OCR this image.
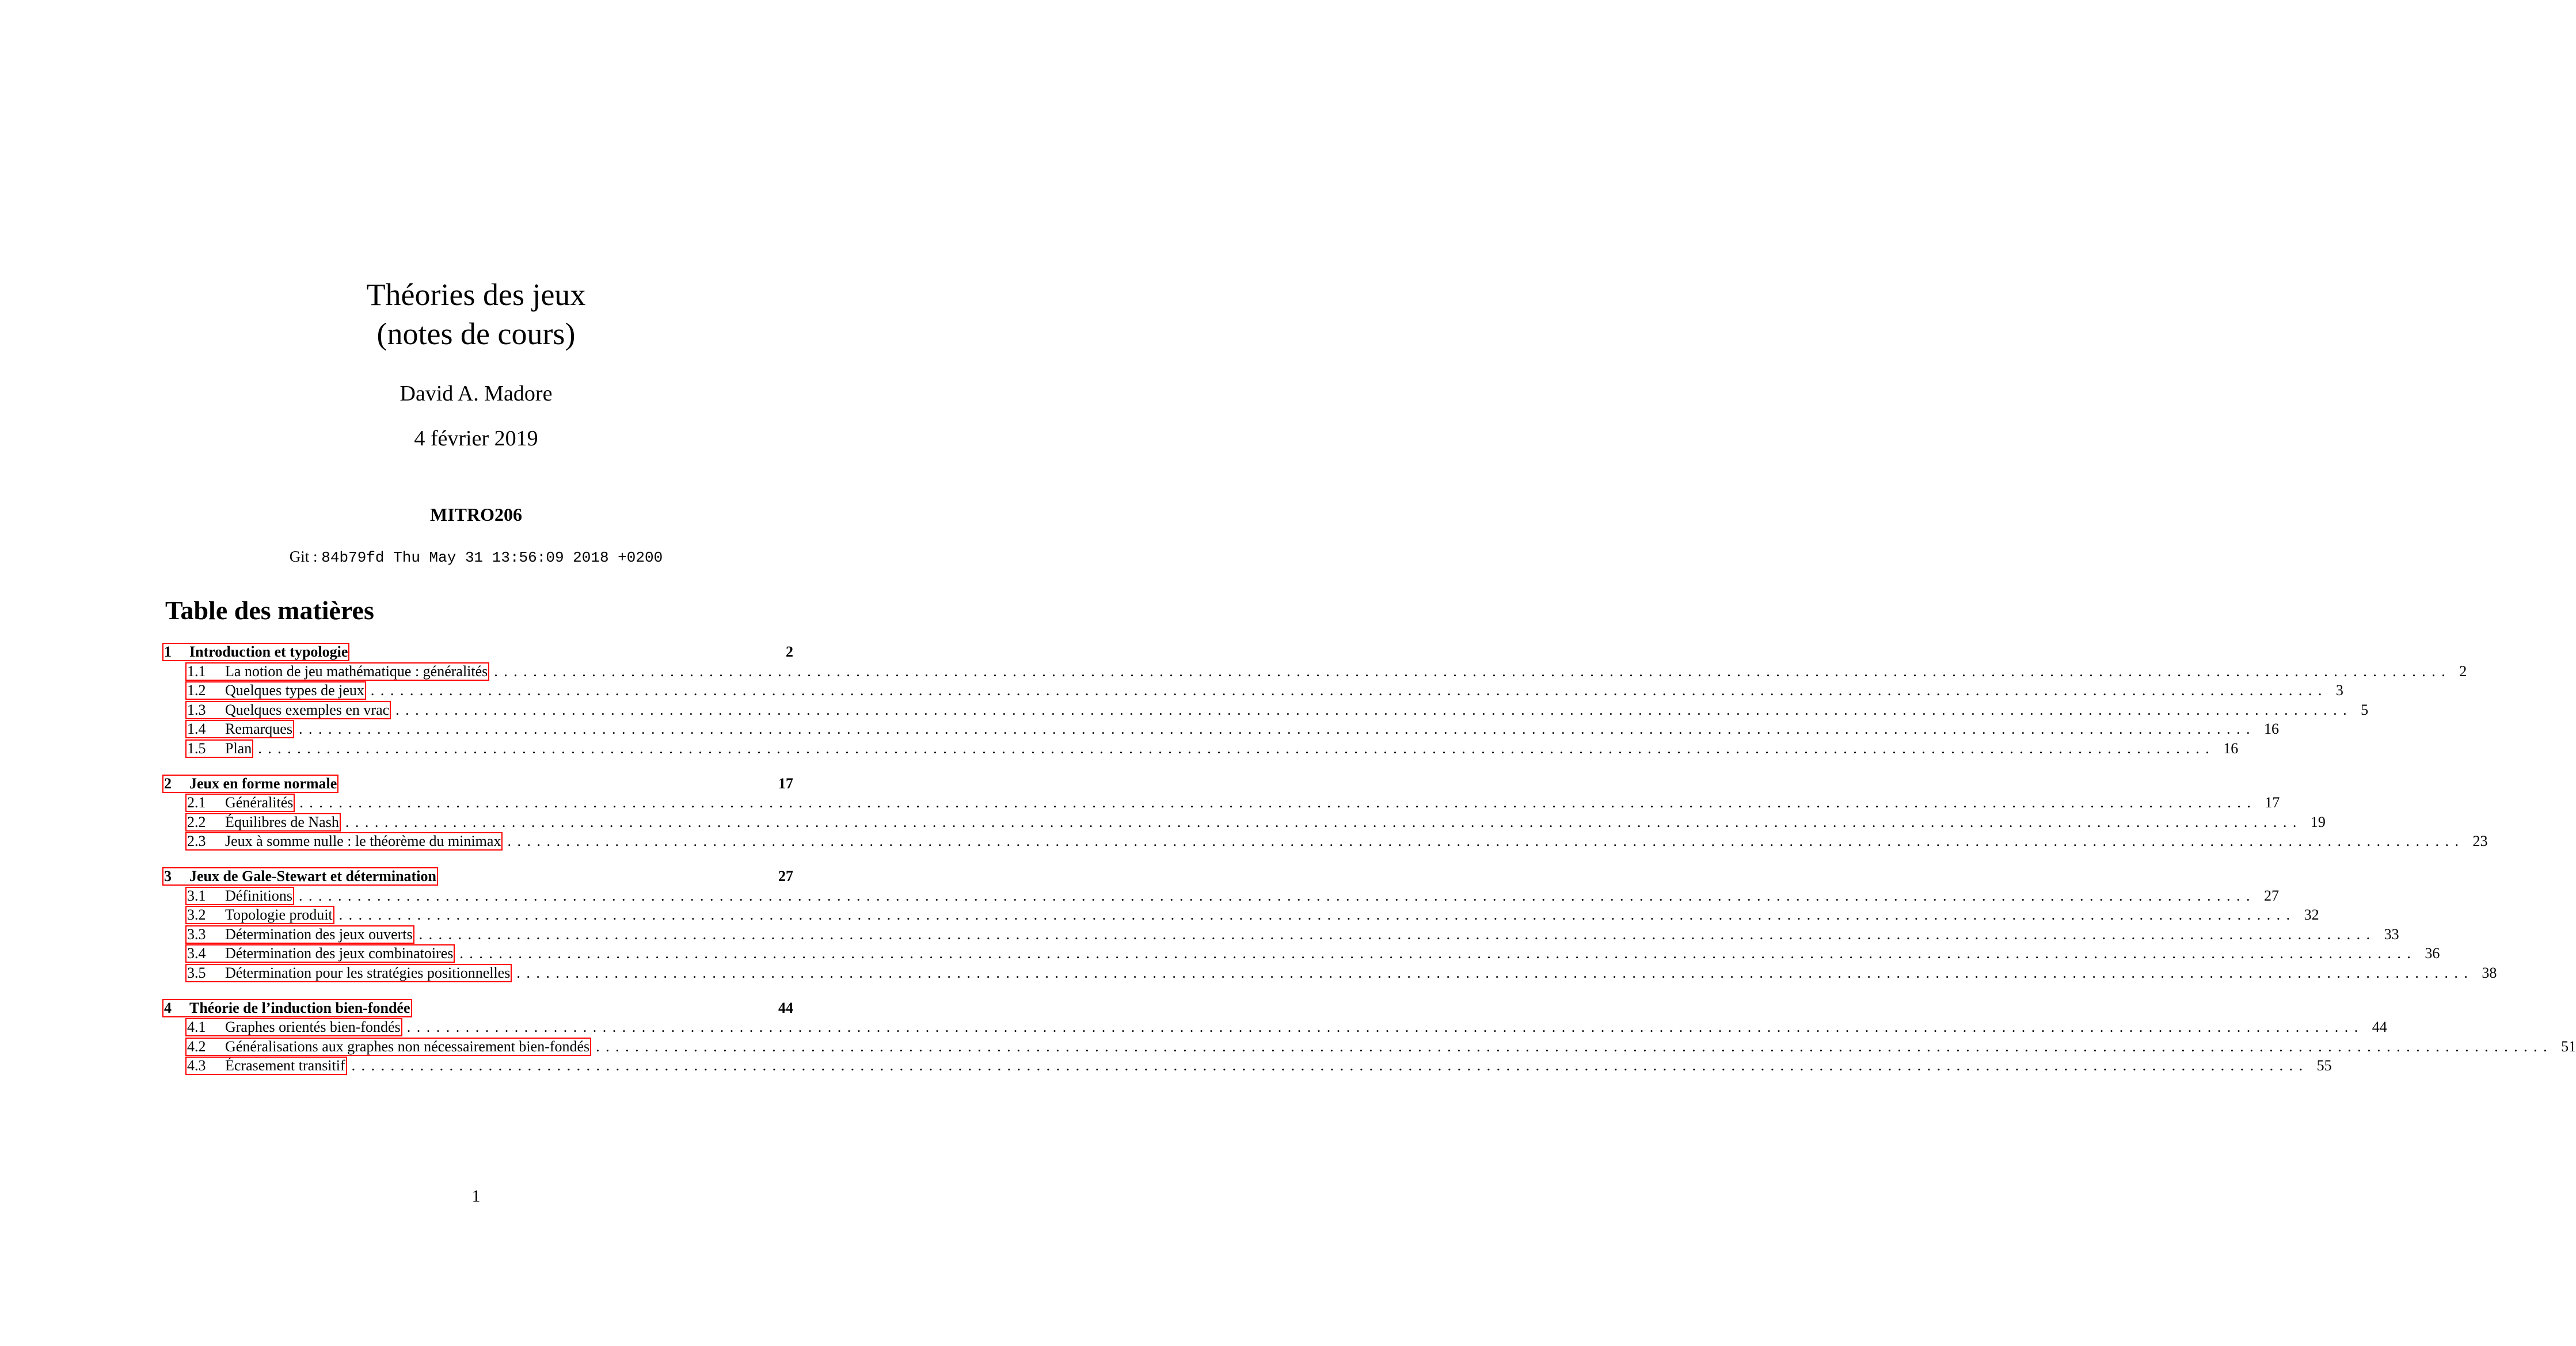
Théories des jeux

(notes de cours)

David A. Madore
4 février 2019
MITRO206
Git : 84b79fd Thu May 31 13:56:09 2018 +0200
Table des matières
1	Introduction et typologie	2
1.1	La notion de jeu mathématique : généralités ........................................................................................................................................................................................................ 2
1.2	Quelques types de jeux ........................................................................................................................................................................................................ 3
1.3	Quelques exemples en vrac ........................................................................................................................................................................................................ 5
1.4	Remarques ........................................................................................................................................................................................................ 16
1.5	Plan ........................................................................................................................................................................................................ 16
2	Jeux en forme normale	17
2.1	Généralités ........................................................................................................................................................................................................ 17
2.2	Équilibres de Nash ........................................................................................................................................................................................................ 19
2.3	Jeux à somme nulle : le théorème du minimax ........................................................................................................................................................................................................ 23
3	Jeux de Gale-Stewart et détermination	27
3.1	Définitions ........................................................................................................................................................................................................ 27
3.2	Topologie produit ........................................................................................................................................................................................................ 32
3.3	Détermination des jeux ouverts ........................................................................................................................................................................................................ 33
3.4	Détermination des jeux combinatoires ........................................................................................................................................................................................................ 36
3.5	Détermination pour les stratégies positionnelles ........................................................................................................................................................................................................ 38
4	Théorie de l’induction bien-fondée	44
4.1	Graphes orientés bien-fondés ........................................................................................................................................................................................................ 44
4.2	Généralisations aux graphes non nécessairement bien-fondés ........................................................................................................................................................................................................ 51
4.3	Écrasement transitif ........................................................................................................................................................................................................ 55
1
